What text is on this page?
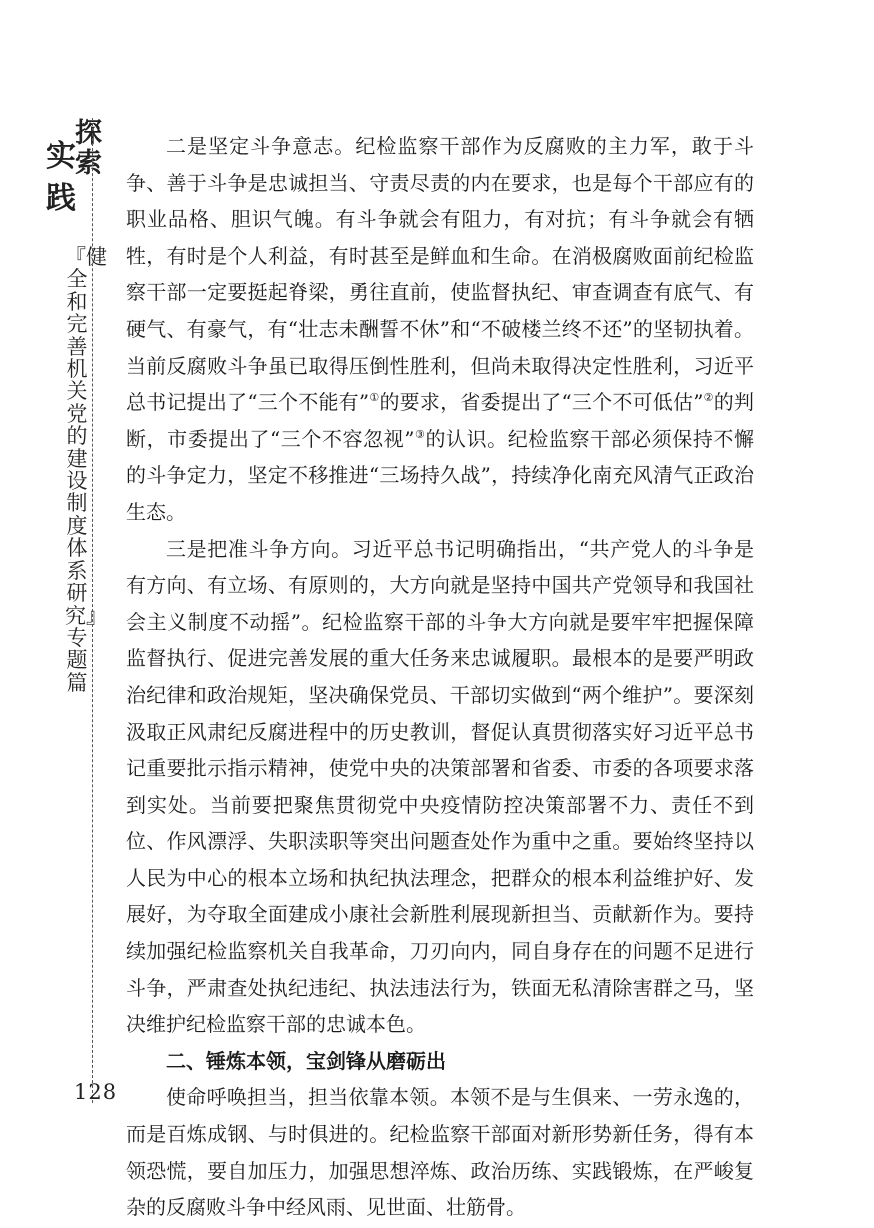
探
索
实
践
『健全和完善机关党的建设制度体系研究』专题篇
128

二是坚定斗争意志。纪检监察干部作为反腐败的主力军，敢于斗争、善于斗争是忠诚担当、守责尽责的内在要求，也是每个干部应有的职业品格、胆识气魄。有斗争就会有阻力，有对抗；有斗争就会有牺牲，有时是个人利益，有时甚至是鲜血和生命。在消极腐败面前纪检监察干部一定要挺起脊梁，勇往直前，使监督执纪、审查调查有底气、有硬气、有豪气，有“壮志未酬誓不休”和“不破楼兰终不还”的坚韧执着。当前反腐败斗争虽已取得压倒性胜利，但尚未取得决定性胜利，习近平总书记提出了“三个不能有”①的要求，省委提出了“三个不可低估”②的判断，市委提出了“三个不容忽视”③的认识。纪检监察干部必须保持不懈的斗争定力，坚定不移推进“三场持久战”，持续净化南充风清气正政治生态。

三是把准斗争方向。习近平总书记明确指出，“共产党人的斗争是有方向、有立场、有原则的，大方向就是坚持中国共产党领导和我国社会主义制度不动摇”。纪检监察干部的斗争大方向就是要牢牢把握保障监督执行、促进完善发展的重大任务来忠诚履职。最根本的是要严明政治纪律和政治规矩，坚决确保党员、干部切实做到“两个维护”。要深刻汲取正风肃纪反腐进程中的历史教训，督促认真贯彻落实好习近平总书记重要批示指示精神，使党中央的决策部署和省委、市委的各项要求落到实处。当前要把聚焦贯彻党中央疫情防控决策部署不力、责任不到位、作风漂浮、失职渎职等突出问题查处作为重中之重。要始终坚持以人民为中心的根本立场和执纪执法理念，把群众的根本利益维护好、发展好，为夺取全面建成小康社会新胜利展现新担当、贡献新作为。要持续加强纪检监察机关自我革命，刀刃向内，同自身存在的问题不足进行斗争，严肃查处执纪违纪、执法违法行为，铁面无私清除害群之马，坚决维护纪检监察干部的忠诚本色。

二、锤炼本领，宝剑锋从磨砺出

使命呼唤担当，担当依靠本领。本领不是与生俱来、一劳永逸的，而是百炼成钢、与时俱进的。纪检监察干部面对新形势新任务，得有本领恐慌，要自加压力，加强思想淬炼、政治历练、实践锻炼，在严峻复杂的反腐败斗争中经风雨、见世面、壮筋骨。
